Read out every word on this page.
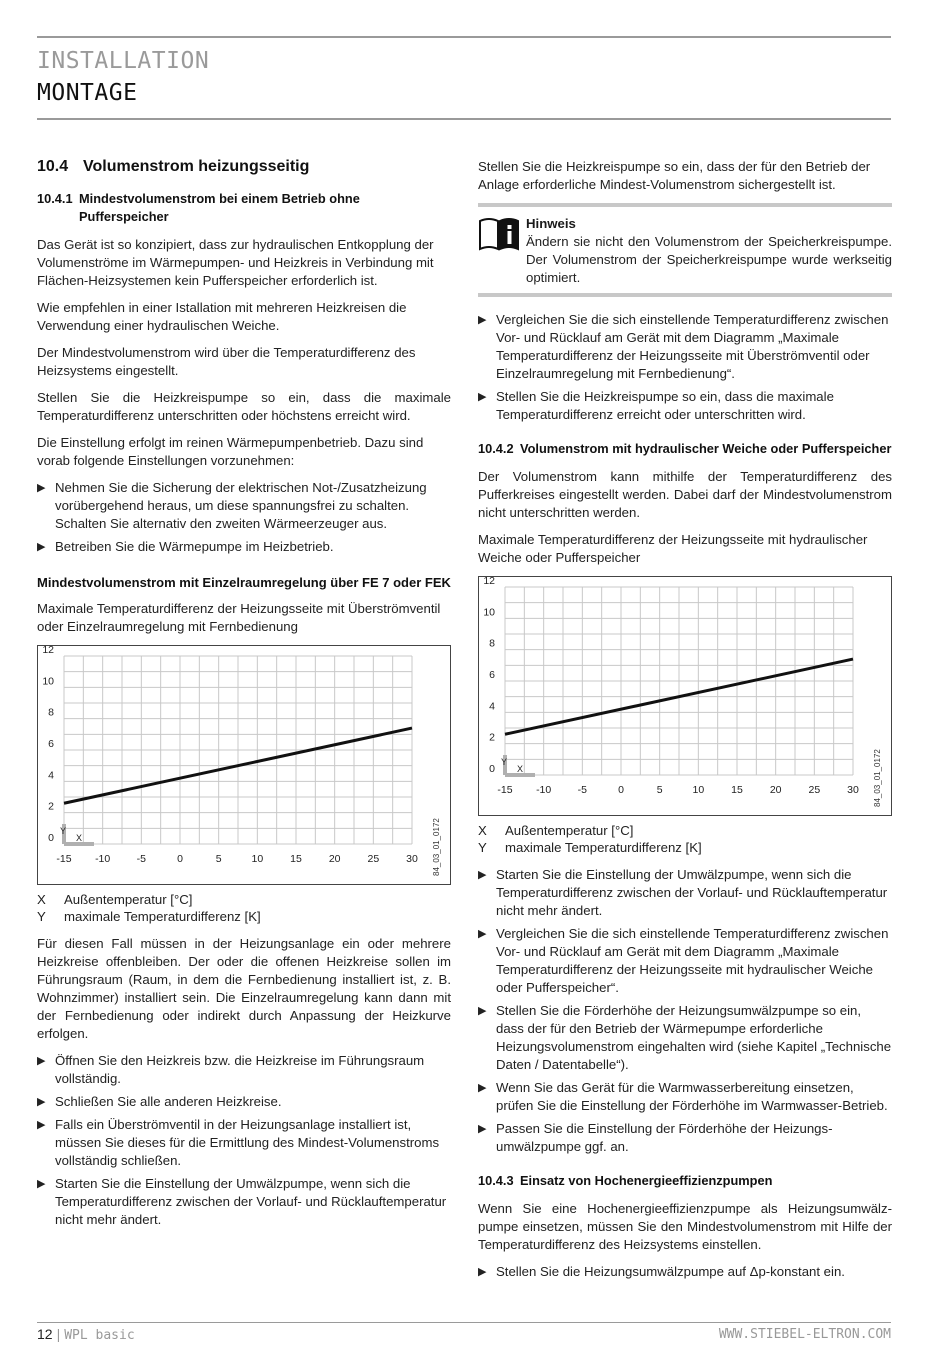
INSTALLATION
MONTAGE
10.4 Volumenstrom heizungsseitig
10.4.1 Mindestvolumenstrom bei einem Betrieb ohne Pufferspeicher

Das Gerät ist so konzipiert, dass zur hydraulischen Entkopplung der Volumenströme im Wärmepumpen- und Heizkreis in Verbindung mit Flächen-Heizsystemen kein Pufferspeicher erforderlich ist.

Wie empfehlen in einer Istallation mit mehreren Heizkreisen die Verwendung einer hydraulischen Weiche.

Der Mindestvolumenstrom wird über die Temperaturdifferenz des Heizsystems eingestellt.

Stellen Sie die Heizkreispumpe so ein, dass die maximale Temperaturdifferenz unterschritten oder höchstens erreicht wird.

Die Einstellung erfolgt im reinen Wärmepumpenbetrieb. Dazu sind vorab folgende Einstellungen vorzunehmen:

▶ Nehmen Sie die Sicherung der elektrischen Not-/Zusatzheizung vorübergehend heraus, um diese spannungsfrei zu schalten. Schalten Sie alternativ den zweiten Wärmeerzeuger aus.
▶ Betreiben Sie die Wärmepumpe im Heizbetrieb.
Mindestvolumenstrom mit Einzelraumregelung über FE 7 oder FEK

Maximale Temperaturdifferenz der Heizungsseite mit Überströmventil oder Einzelraumregelung mit Fernbedienung

-15 -10	-5	0	5	10	15	20	25	30
0
2
4
6
8
10
12
X
Y	84_03_01_0172
X	Außentemperatur [°C]
Y	maximale Temperaturdifferenz [K]

Für diesen Fall müssen in der Heizungsanlage ein oder mehrere Heizkreise offenbleiben. Der oder die offenen Heizkreise sollen im Führungsraum (Raum, in dem die Fernbedienung installiert ist, z. B. Wohnzimmer) installiert sein. Die Einzelraumregelung kann dann mit der Fernbedienung oder indirekt durch Anpassung der Heizkurve erfolgen.

▶ Öffnen Sie den Heizkreis bzw. die Heizkreise im Führungsraum vollständig.
▶ Schließen Sie alle anderen Heizkreise.
▶ Falls ein Überströmventil in der Heizungsanlage installiert ist, müssen Sie dieses für die Ermittlung des Mindest-Volumenstroms vollständig schließen.
▶ Starten Sie die Einstellung der Umwälzpumpe, wenn sich die Temperaturdifferenz zwischen der Vorlauf- und Rücklauftemperatur nicht mehr ändert.

Stellen Sie die Heizkreispumpe so ein, dass der für den Betrieb der Anlage erforderliche Mindest-Volumenstrom sichergestellt ist.

Hinweis
Ändern sie nicht den Volumenstrom der Speicherkreispumpe. Der Volumenstrom der Speicherkreispumpe wurde werkseitig optimiert.
▶ Vergleichen Sie die sich einstellende Temperaturdifferenz zwischen Vor- und Rücklauf am Gerät mit dem Diagramm „Maximale Temperaturdifferenz der Heizungsseite mit Überströmventil oder Einzelraumregelung mit Fernbedienung“.
▶ Stellen Sie die Heizkreispumpe so ein, dass die maximale Temperaturdifferenz erreicht oder unterschritten wird.
10.4.2 Volumenstrom mit hydraulischer Weiche oder Pufferspeicher

Der Volumenstrom kann mithilfe der Temperaturdifferenz des Pufferkreises eingestellt werden. Dabei darf der Mindestvolumenstrom nicht unterschritten werden.

Maximale Temperaturdifferenz der Heizungsseite mit hydraulischer Weiche oder Pufferspeicher

-15 -10	-5	0	5	10	15	20	25	30
0
2
4
6
8
10
12
X
Y	84_03_01_0172
X	Außentemperatur [°C]
Y	maximale Temperaturdifferenz [K]
▶ Starten Sie die Einstellung der Umwälzpumpe, wenn sich die Temperaturdifferenz zwischen der Vorlauf- und Rücklauftemperatur nicht mehr ändert.
▶ Vergleichen Sie die sich einstellende Temperaturdifferenz zwischen Vor- und Rücklauf am Gerät mit dem Diagramm „Maximale Temperaturdifferenz der Heizungsseite mit hydraulischer Weiche oder Pufferspeicher“.
▶ Stellen Sie die Förderhöhe der Heizungsumwälzpumpe so ein, dass der für den Betrieb der Wärmepumpe erforderliche Heizungsvolumenstrom eingehalten wird (siehe Kapitel „Technische Daten / Datentabelle“).
▶ Wenn Sie das Gerät für die Warmwasserbereitung einsetzen, prüfen Sie die Einstellung der Förderhöhe im Warmwasser-Betrieb.
▶ Passen Sie die Einstellung der Förderhöhe der Heizungsumwälzpumpe ggf. an.
10.4.3 Einsatz von Hochenergieeffizienzpumpen

Wenn Sie eine Hochenergieeffizienzpumpe als Heizungsumwälzpumpe einsetzen, müssen Sie den Mindestvolumenstrom mit Hilfe der Temperaturdifferenz des Heizsystems einstellen.

▶ Stellen Sie die Heizungsumwälzpumpe auf Δp-konstant ein.
12 | WPL basic	WWW.STIEBEL-ELTRON.COM
